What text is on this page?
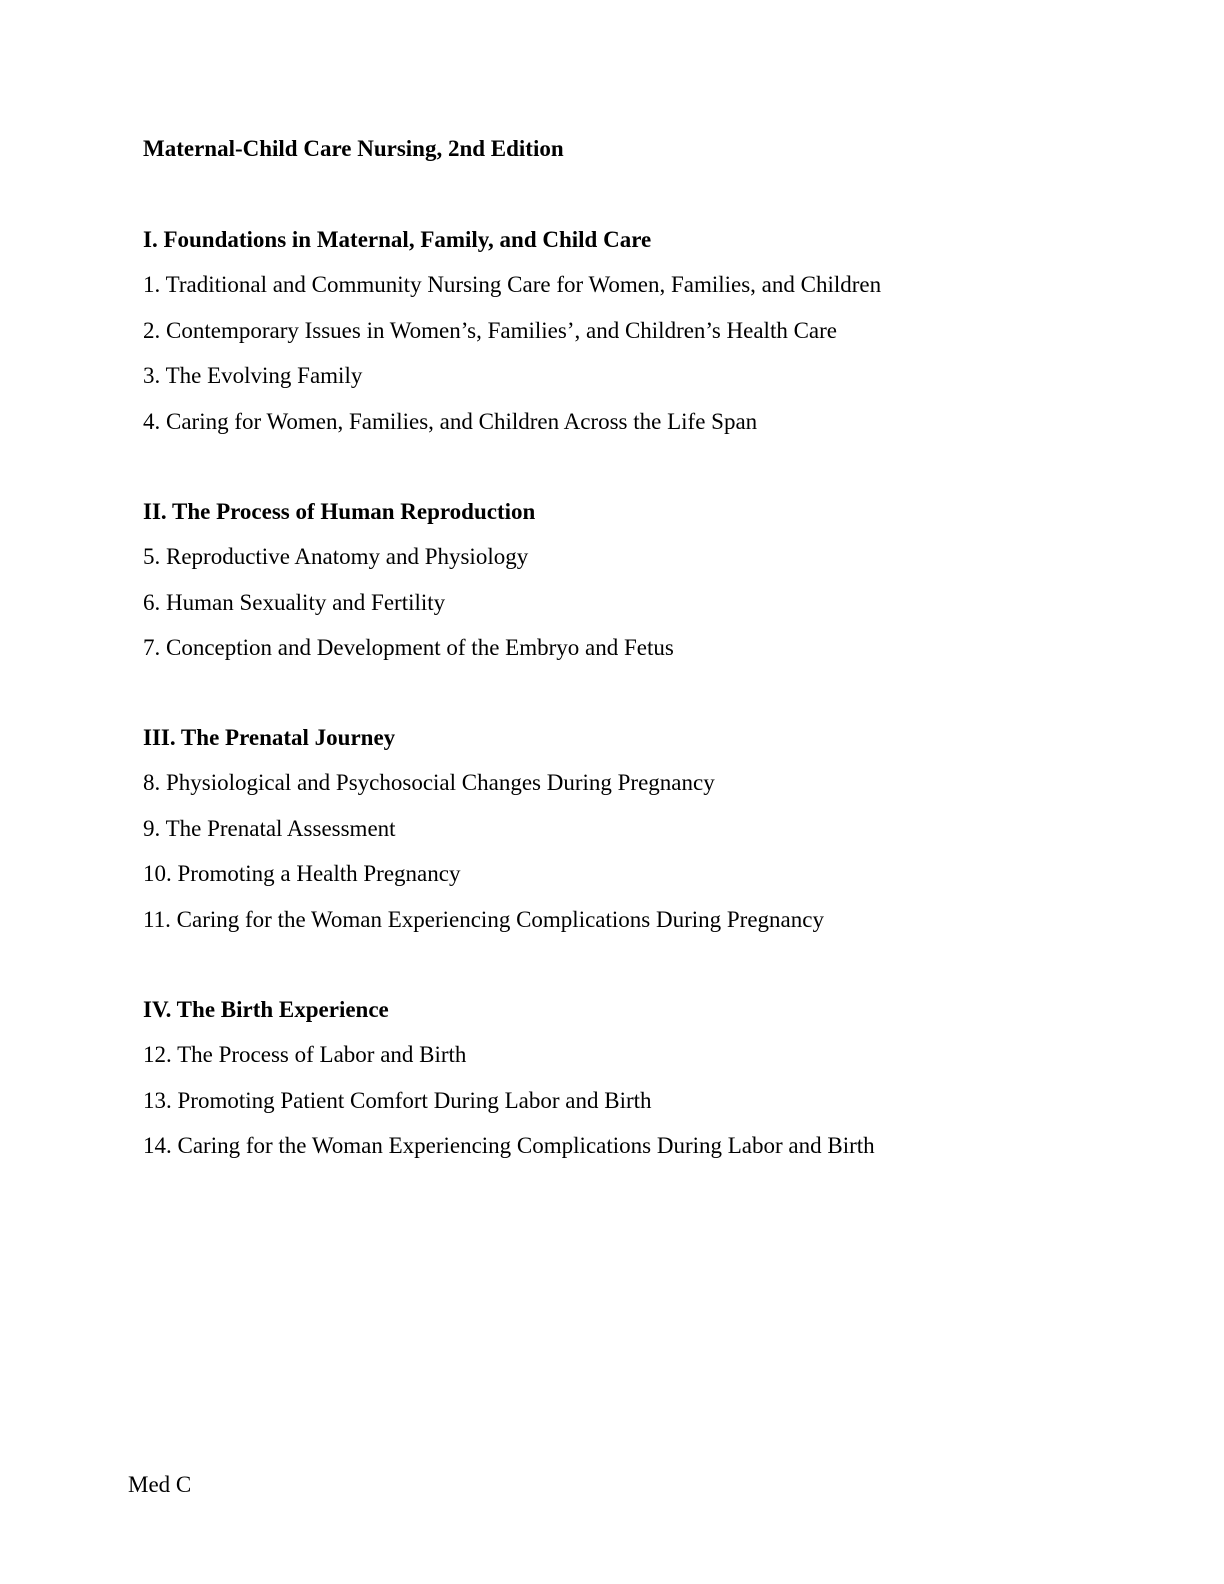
Maternal-Child Care Nursing, 2nd Edition
I. Foundations in Maternal, Family, and Child Care
1. Traditional and Community Nursing Care for Women, Families, and Children
2. Contemporary Issues in Women’s, Families’, and Children’s Health Care
3. The Evolving Family
4. Caring for Women, Families, and Children Across the Life Span
II. The Process of Human Reproduction
5. Reproductive Anatomy and Physiology
6. Human Sexuality and Fertility
7. Conception and Development of the Embryo and Fetus
III. The Prenatal Journey
8. Physiological and Psychosocial Changes During Pregnancy
9. The Prenatal Assessment
10. Promoting a Health Pregnancy
11. Caring for the Woman Experiencing Complications During Pregnancy
IV. The Birth Experience
12. The Process of Labor and Birth
13. Promoting Patient Comfort During Labor and Birth
14. Caring for the Woman Experiencing Complications During Labor and Birth
Med C
